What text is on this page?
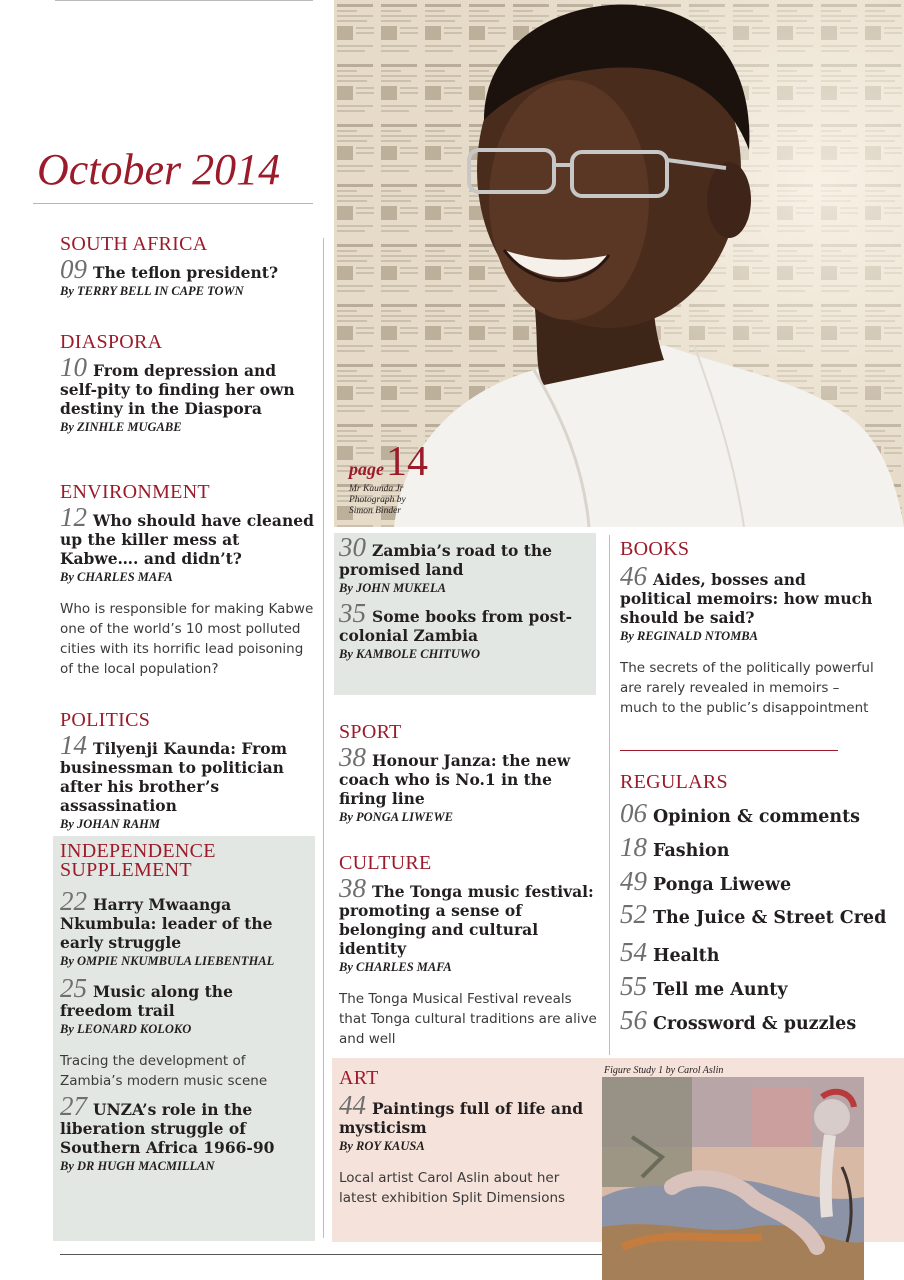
page14
Mr Kaunda Jr
Photograph by
Simon Binder
October 2014
SOUTH AFRICA
09 The teflon president?
By TERRY BELL IN CAPE TOWN
DIASPORA
10 From depression and self-pity to finding her own destiny in the Diaspora
By ZINHLE MUGABE
ENVIRONMENT
12 Who should have cleaned up the killer mess at Kabwe…. and didn’t?
By CHARLES MAFA
Who is responsible for making Kabwe one of the world’s 10 most polluted cities with its horrific lead poisoning of the local population?
POLITICS
14 Tilyenji Kaunda: From businessman to politician after his brother’s assassination
By JOHAN RAHM
INDEPENDENCE
SUPPLEMENT
22 Harry Mwaanga Nkumbula: leader of the early struggle
By OMPIE NKUMBULA LIEBENTHAL
25 Music along the freedom trail
By LEONARD KOLOKO
Tracing the development of Zambia’s modern music scene
27 UNZA’s role in the liberation struggle of Southern Africa 1966-90
By DR HUGH MACMILLAN
30 Zambia’s road to the promised land
By JOHN MUKELA
35 Some books from post-colonial Zambia
By KAMBOLE CHITUWO
SPORT
38 Honour Janza: the new coach who is No.1 in the firing line
By PONGA LIWEWE
CULTURE
38 The Tonga music festival: promoting a sense of belonging and cultural identity
By CHARLES MAFA
The Tonga Musical Festival reveals that Tonga cultural traditions are alive and well
BOOKS
46 Aides, bosses and political memoirs: how much should be said?
By REGINALD NTOMBA
The secrets of the politically powerful are rarely revealed in memoirs – much to the public’s disappointment
REGULARS
06 Opinion & comments
18 Fashion
49 Ponga Liwewe
52 The Juice & Street Cred
54 Health
55 Tell me Aunty
56 Crossword & puzzles
ART
44 Paintings full of life and mysticism
By ROY KAUSA
Local artist Carol Aslin about her latest exhibition Split Dimensions
Figure Study 1 by Carol Aslin
